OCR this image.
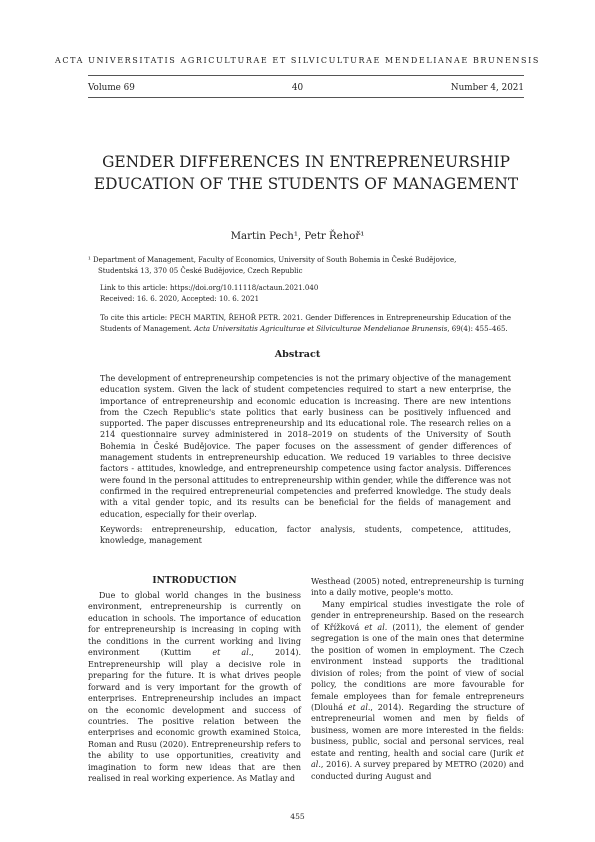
ACTA UNIVERSITATIS AGRICULTURAE ET SILVICULTURAE MENDELIANAE BRUNENSIS
Volume 69	40	Number 4, 2021
GENDER DIFFERENCES IN ENTREPRENEURSHIP
EDUCATION OF THE STUDENTS OF MANAGEMENT
Martin Pech¹, Petr Řehoř¹

¹ Department of Management, Faculty of Economics, University of South Bohemia in České Budějovice,

Studentská 13, 370 05 České Budějovice, Czech Republic

Link to this article: https://doi.org/10.11118/actaun.2021.040
Received: 16. 6. 2020, Accepted: 10. 6. 2021
To cite this article: PECH MARTIN, ŘEHOŘ PETR. 2021. Gender Differences in Entrepreneurship Education of the Students of Management. Acta Universitatis Agriculturae et Silviculturae Mendelianae Brunensis, 69(4): 455–465.
Abstract
The development of entrepreneurship competencies is not the primary objective of the management education system. Given the lack of student competencies required to start a new enterprise, the importance of entrepreneurship and economic education is increasing. There are new intentions from the Czech Republic's state politics that early business can be positively influenced and supported. The paper discusses entrepreneurship and its educational role. The research relies on a 214 questionnaire survey administered in 2018–2019 on students of the University of South Bohemia in České Budějovice. The paper focuses on the assessment of gender differences of management students in entrepreneurship education. We reduced 19 variables to three decisive factors - attitudes, knowledge, and entrepreneurship competence using factor analysis. Differences were found in the personal attitudes to entrepreneurship within gender, while the difference was not confirmed in the required entrepreneurial competencies and preferred knowledge. The study deals with a vital gender topic, and its results can be beneficial for the fields of management and education, especially for their overlap.
Keywords: entrepreneurship, education, factor analysis, students, competence, attitudes, knowledge, management
INTRODUCTION

Due to global world changes in the business environment, entrepreneurship is currently on education in schools. The importance of education for entrepreneurship is increasing in coping with the conditions in the current working and living environment (Kuttim et al., 2014). Entrepreneurship will play a decisive role in preparing for the future. It is what drives people forward and is very important for the growth of enterprises. Entrepreneurship includes an impact on the economic development and success of countries. The positive relation between the enterprises and economic growth examined Stoica, Roman and Rusu (2020). Entrepreneurship refers to the ability to use opportunities, creativity and imagination to form new ideas that are then realised in real working experience. As Matlay and

Westhead (2005) noted, entrepreneurship is turning into a daily motive, people's motto.

Many empirical studies investigate the role of gender in entrepreneurship. Based on the research of Křížková et al. (2011), the element of gender segregation is one of the main ones that determine the position of women in employment. The Czech environment instead supports the traditional division of roles; from the point of view of social policy, the conditions are more favourable for female employees than for female entrepreneurs (Dlouhá et al., 2014). Regarding the structure of entrepreneurial women and men by fields of business, women are more interested in the fields: business, public, social and personal services, real estate and renting, health and social care (Jurik et al., 2016). A survey prepared by METRO (2020) and conducted during August and

455
